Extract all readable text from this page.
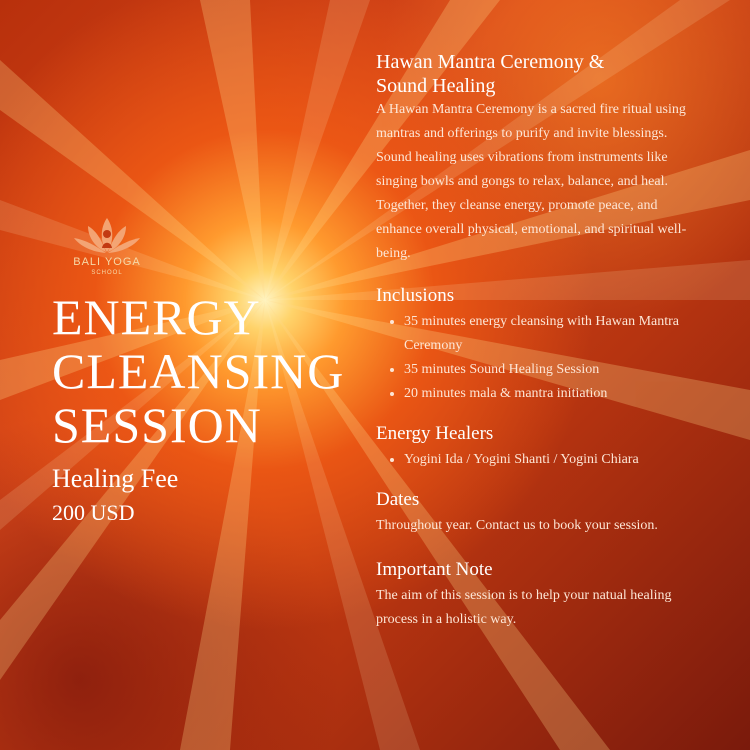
BALI YOGA
SCHOOL
ENERGY
CLEANSING
SESSION
Healing Fee
200 USD
Hawan Mantra Ceremony &
Sound Healing

A Hawan Mantra Ceremony is a sacred fire ritual using mantras and offerings to purify and invite blessings. Sound healing uses vibrations from instruments like singing bowls and gongs to relax, balance, and heal. Together, they cleanse energy, promote peace, and enhance overall physical, emotional, and spiritual well-being.

Inclusions
• 35 minutes energy cleansing with Hawan Mantra Ceremony
• 35 minutes Sound Healing Session
• 20 minutes mala & mantra initiation
Energy Healers
• Yogini Ida / Yogini Shanti / Yogini Chiara
Dates

Throughout year. Contact us to book your session.

Important Note

The aim of this session is to help your natual healing process in a holistic way.
